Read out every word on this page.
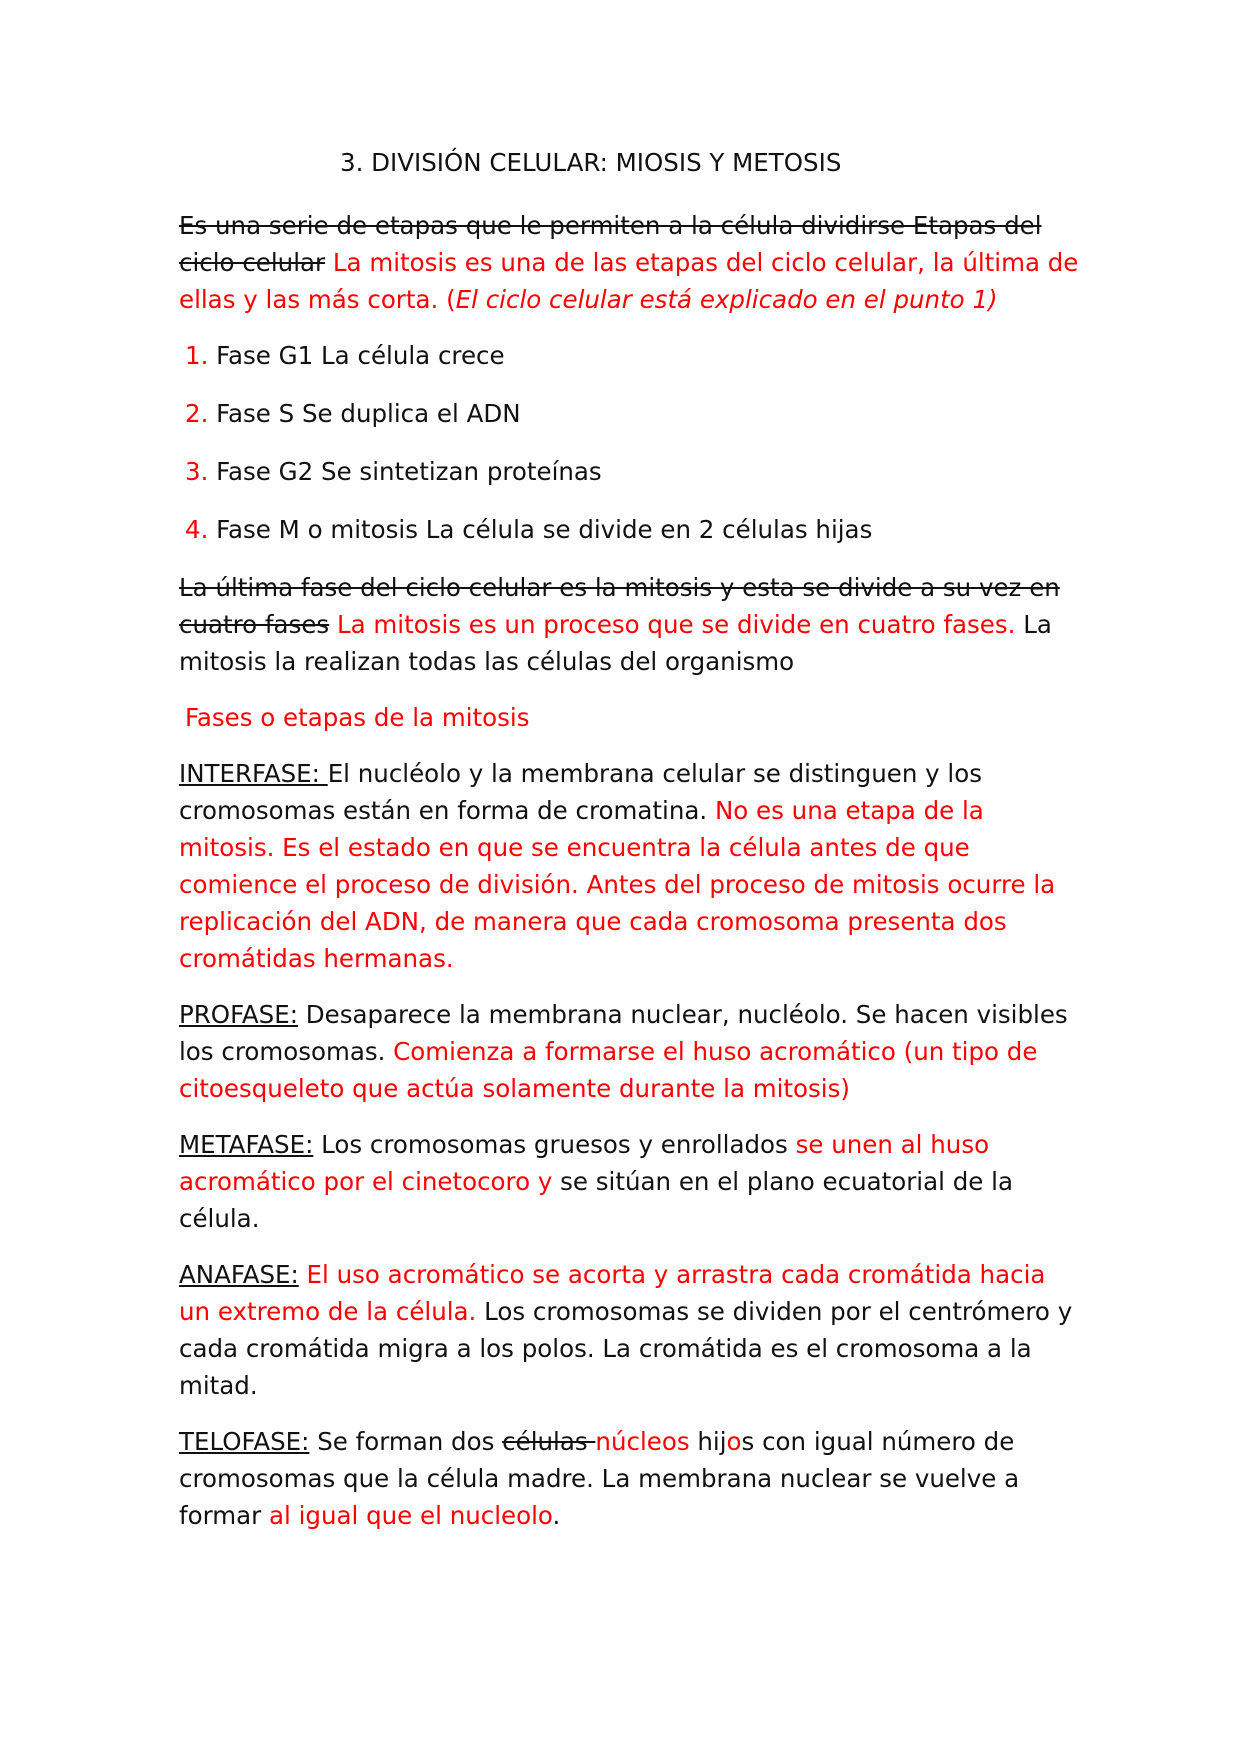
3. DIVISIÓN CELULAR: MIOSIS Y METOSIS

Es una serie de etapas que le permiten a la célula dividirse Etapas del ciclo celular La mitosis es una de las etapas del ciclo celular, la última de ellas y las más corta. (El ciclo celular está explicado en el punto 1)

1. Fase G1 La célula crece
2. Fase S Se duplica el ADN
3. Fase G2 Se sintetizan proteínas
4. Fase M o mitosis La célula se divide en 2 células hijas

La última fase del ciclo celular es la mitosis y esta se divide a su vez en cuatro fases La mitosis es un proceso que se divide en cuatro fases. La mitosis la realizan todas las células del organismo

Fases o etapas de la mitosis

INTERFASE: El nucléolo y la membrana celular se distinguen y los cromosomas están en forma de cromatina. No es una etapa de la mitosis. Es el estado en que se encuentra la célula antes de que comience el proceso de división. Antes del proceso de mitosis ocurre la replicación del ADN, de manera que cada cromosoma presenta dos cromátidas hermanas.

PROFASE: Desaparece la membrana nuclear, nucléolo. Se hacen visibles los cromosomas. Comienza a formarse el huso acromático (un tipo de citoesqueleto que actúa solamente durante la mitosis)

METAFASE: Los cromosomas gruesos y enrollados se unen al huso acromático por el cinetocoro y se sitúan en el plano ecuatorial de la célula.

ANAFASE: El uso acromático se acorta y arrastra cada cromátida hacia un extremo de la célula. Los cromosomas se dividen por el centrómero y cada cromátida migra a los polos. La cromátida es el cromosoma a la mitad.

TELOFASE: Se forman dos células núcleos hijos con igual número de cromosomas que la célula madre. La membrana nuclear se vuelve a formar al igual que el nucleolo.
